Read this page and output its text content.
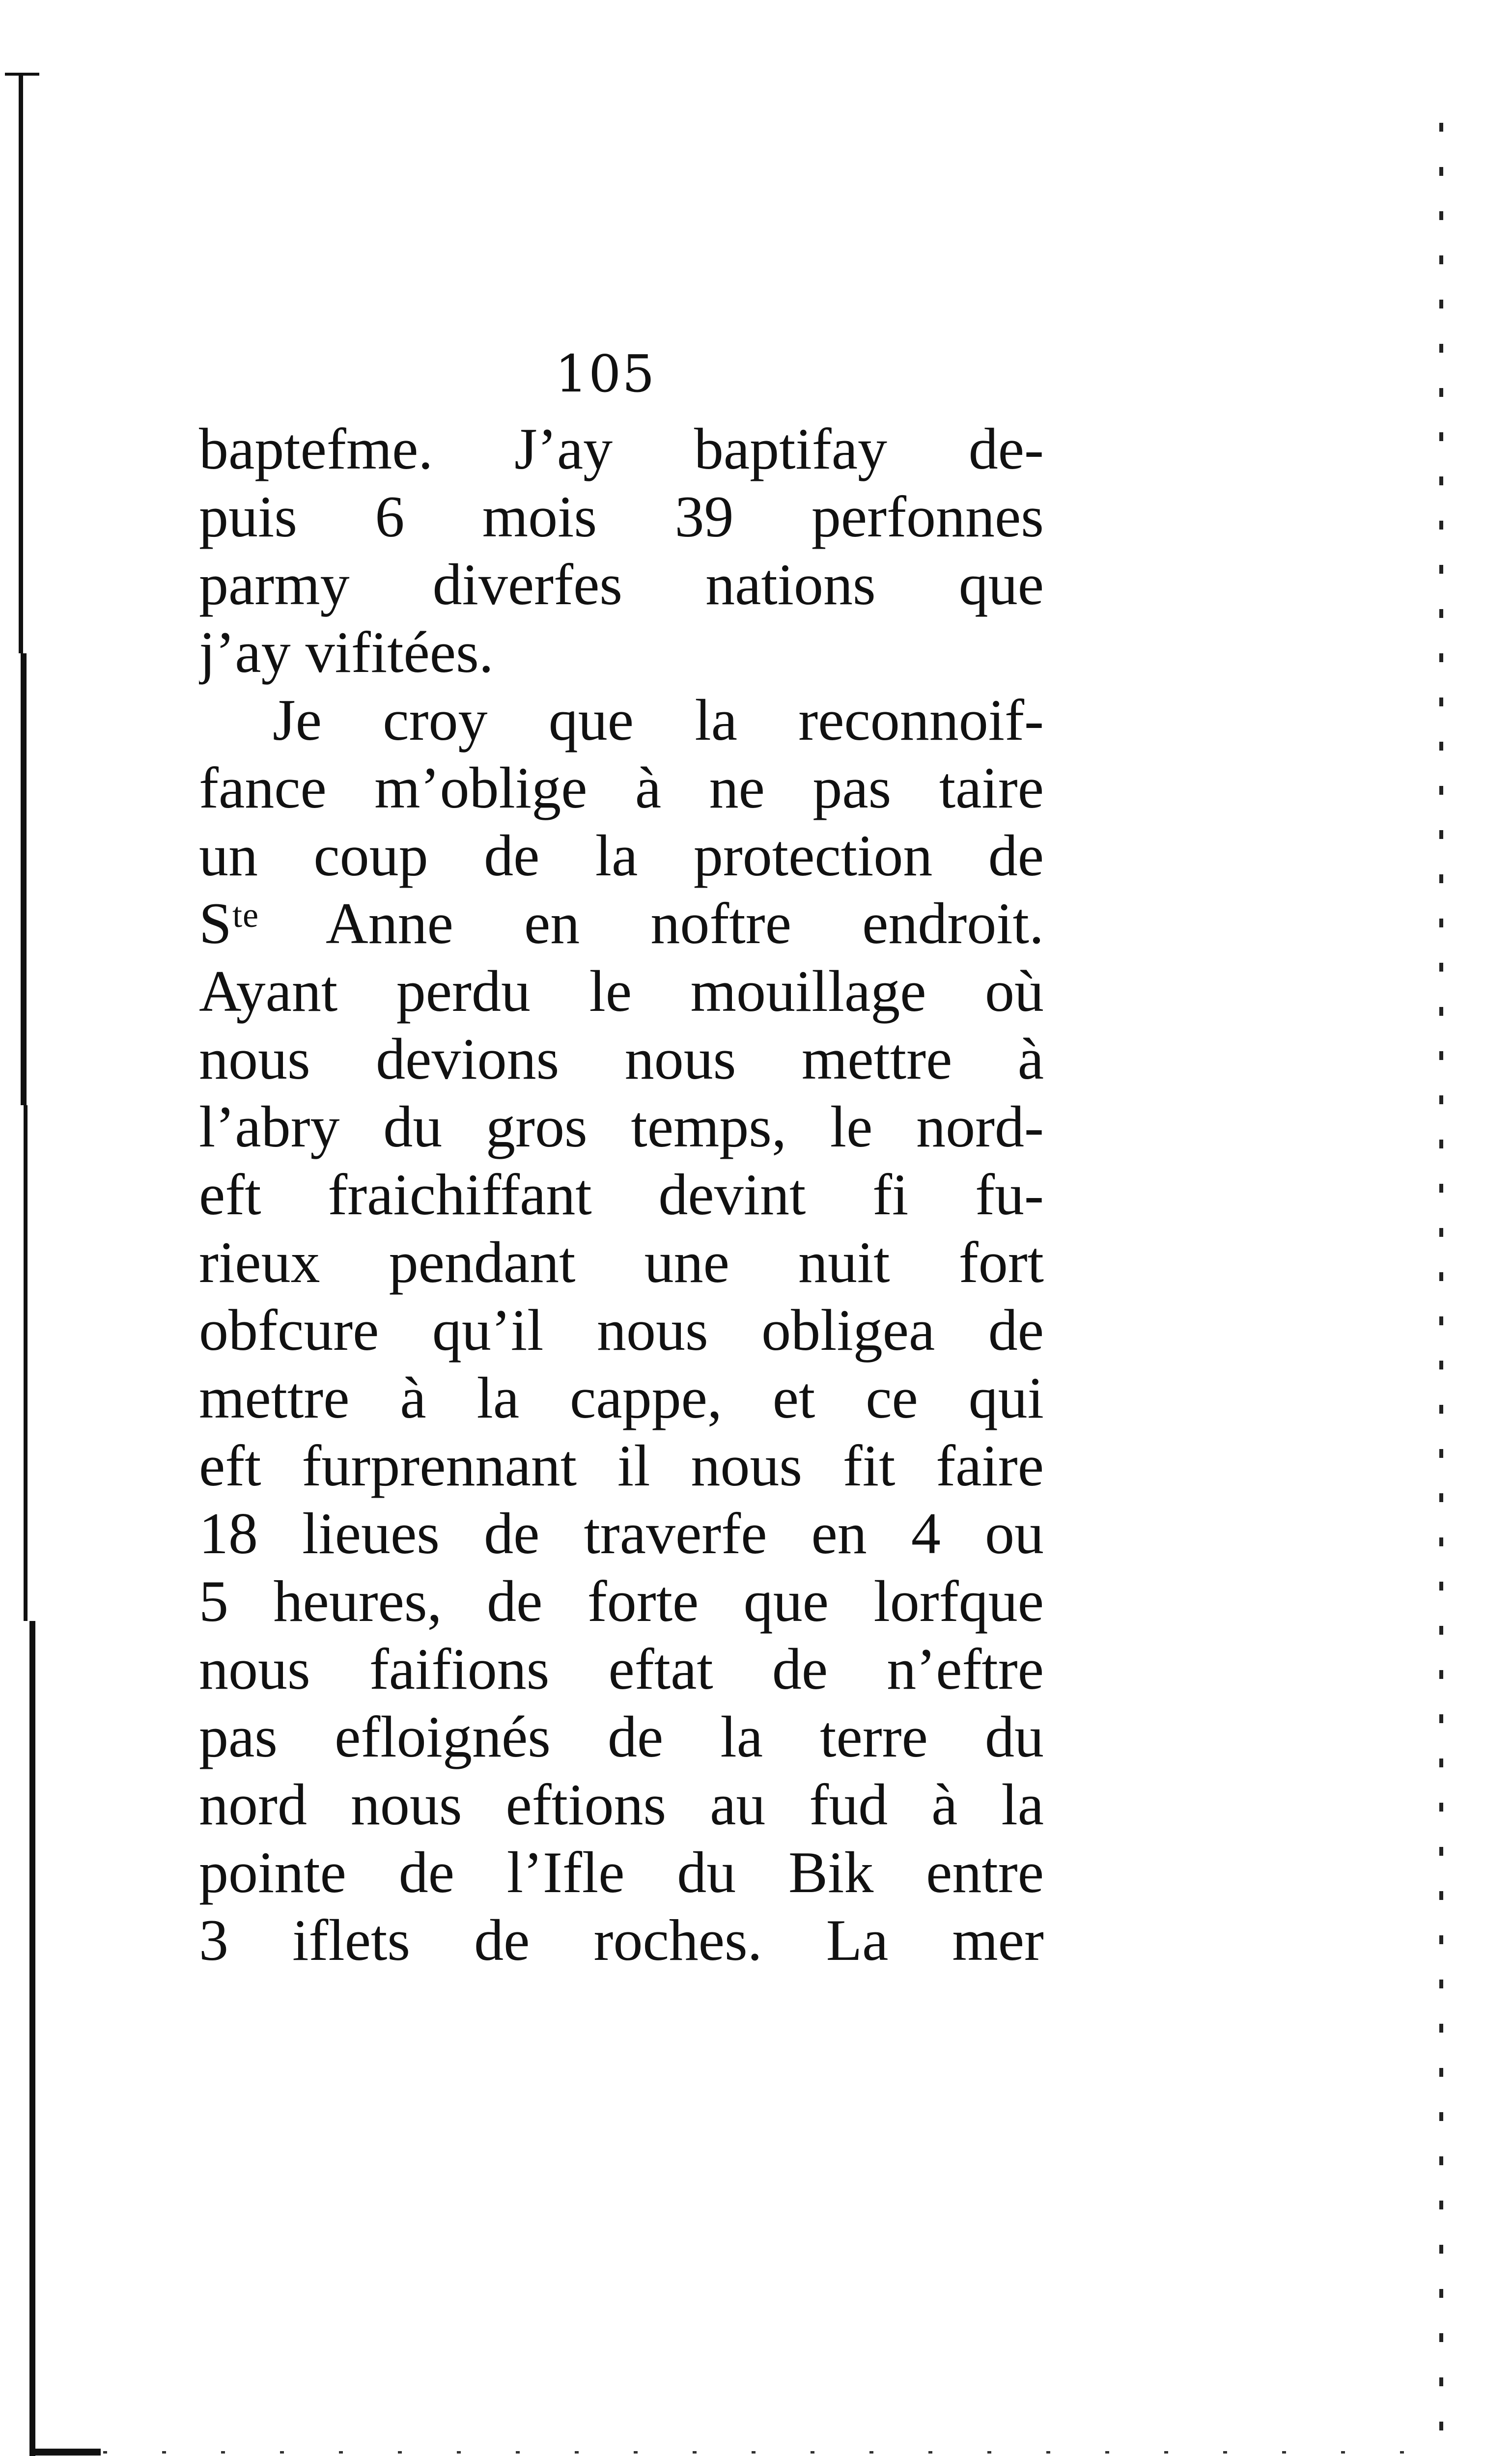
105
baptefme. J’ay baptifay de-
puis 6 mois 39 perfonnes
parmy diverfes nations que
j’ay vifitées.
Je croy que la reconnoif-
fance m’oblige à ne pas taire
un coup de la protection de
Sᵗᵉ Anne en noftre endroit.
Ayant perdu le mouillage où
nous devions nous mettre à
l’abry du gros temps, le nord-
eft fraichiffant devint fi fu-
rieux pendant une nuit fort
obfcure qu’il nous obligea de
mettre à la cappe, et ce qui
eft furprennant il nous fit faire
18 lieues de traverfe en 4 ou
5 heures, de forte que lorfque
nous faifions eftat de n’eftre
pas efloignés de la terre du
nord nous eftions au fud à la
pointe de l’Ifle du Bik entre
3 iflets de roches. La mer
